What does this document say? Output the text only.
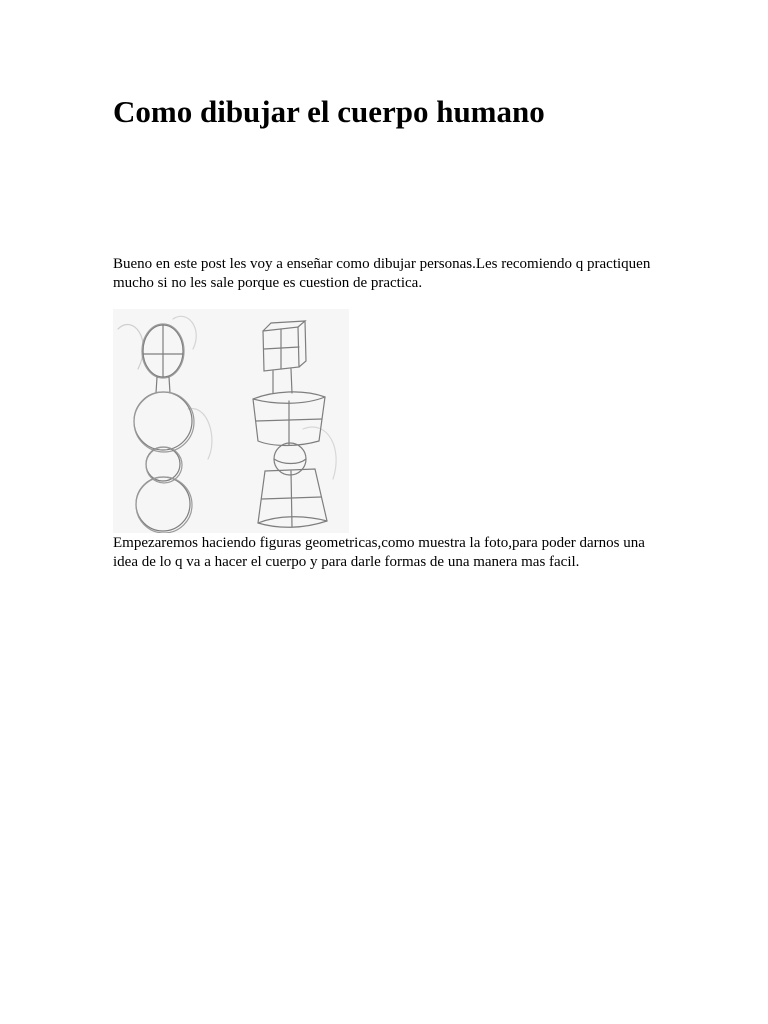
Como dibujar el cuerpo humano

Bueno en este post les voy a enseñar como dibujar personas.Les recomiendo q practiquen mucho si no les sale porque es cuestion de practica.

Empezaremos haciendo figuras geometricas,como muestra la foto,para poder darnos una idea de lo q va a hacer el cuerpo y para darle formas de una manera mas facil.
